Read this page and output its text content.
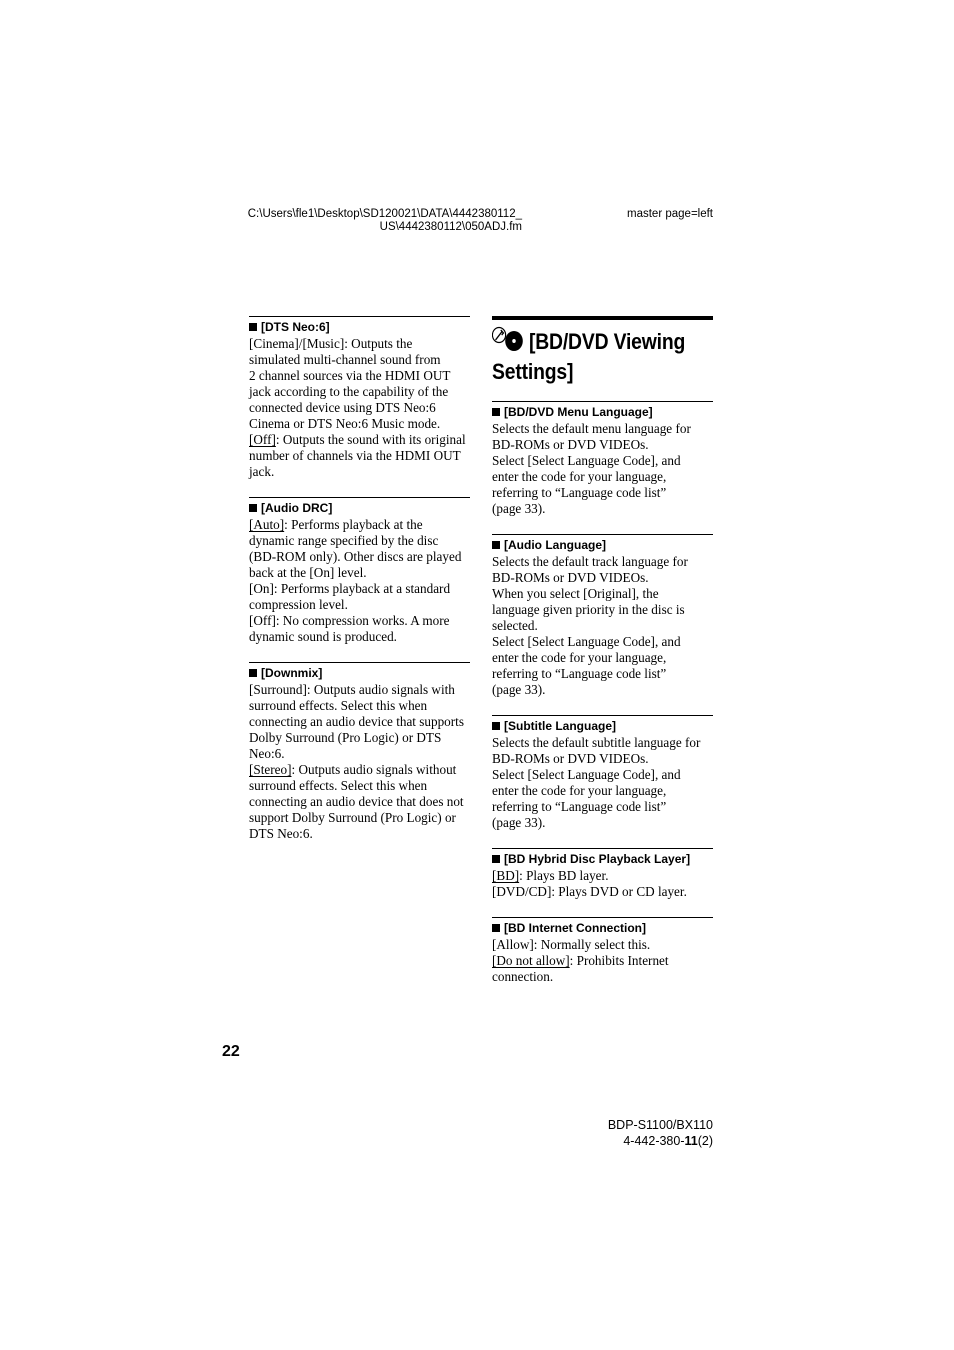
C:\Users\fle1\Desktop\SD120021\DATA\4442380112_
US\4442380112\050ADJ.fm
master page=left
[DTS Neo:6]
[Cinema]/[Music]: Outputs the
simulated multi-channel sound from
2 channel sources via the HDMI OUT
jack according to the capability of the
connected device using DTS Neo:6
Cinema or DTS Neo:6 Music mode.
[Off]: Outputs the sound with its original
number of channels via the HDMI OUT
jack.
[Audio DRC]
[Auto]: Performs playback at the
dynamic range specified by the disc
(BD-ROM only). Other discs are played
back at the [On] level.
[On]: Performs playback at a standard
compression level.
[Off]: No compression works. A more
dynamic sound is produced.
[Downmix]
[Surround]: Outputs audio signals with
surround effects. Select this when
connecting an audio device that supports
Dolby Surround (Pro Logic) or DTS
Neo:6.
[Stereo]: Outputs audio signals without
surround effects. Select this when
connecting an audio device that does not
support Dolby Surround (Pro Logic) or
DTS Neo:6.
[BD/DVD Viewing
Settings]
[BD/DVD Menu Language]
Selects the default menu language for
BD-ROMs or DVD VIDEOs.
Select [Select Language Code], and
enter the code for your language,
referring to “Language code list”
(page 33).
[Audio Language]
Selects the default track language for
BD-ROMs or DVD VIDEOs.
When you select [Original], the
language given priority in the disc is
selected.
Select [Select Language Code], and
enter the code for your language,
referring to “Language code list”
(page 33).
[Subtitle Language]
Selects the default subtitle language for
BD-ROMs or DVD VIDEOs.
Select [Select Language Code], and
enter the code for your language,
referring to “Language code list”
(page 33).
[BD Hybrid Disc Playback Layer]
[BD]: Plays BD layer.
[DVD/CD]: Plays DVD or CD layer.
[BD Internet Connection]
[Allow]: Normally select this.
[Do not allow]: Prohibits Internet
connection.
22
BDP-S1100/BX110
4-442-380-11(2)
